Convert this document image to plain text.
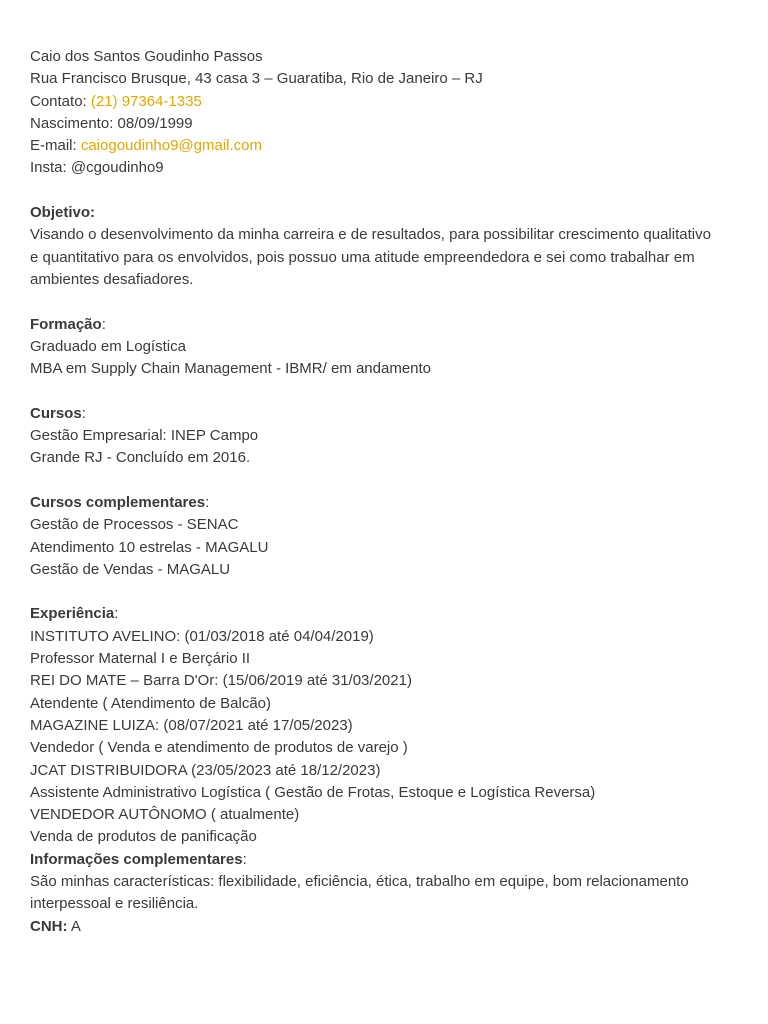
Caio dos Santos Goudinho Passos
Rua Francisco Brusque, 43 casa 3 – Guaratiba, Rio de Janeiro – RJ
Contato: (21) 97364-1335
Nascimento: 08/09/1999
E-mail: caiogoudinho9@gmail.com
Insta: @cgoudinho9
Objetivo:
Visando o desenvolvimento da minha carreira e de resultados, para possibilitar crescimento qualitativo e quantitativo para os envolvidos, pois possuo uma atitude empreendedora e sei como trabalhar em ambientes desafiadores.
Formação:
Graduado em Logística
MBA em Supply Chain Management - IBMR/ em andamento
Cursos:
Gestão Empresarial: INEP Campo
Grande RJ - Concluído em 2016.
Cursos complementares:
Gestão de Processos - SENAC
Atendimento 10 estrelas - MAGALU
Gestão de Vendas - MAGALU
Experiência:
INSTITUTO AVELINO: (01/03/2018 até 04/04/2019)
Professor Maternal I e Berçário II
REI DO MATE – Barra D'Or: (15/06/2019 até 31/03/2021)
Atendente ( Atendimento de Balcão)
MAGAZINE LUIZA: (08/07/2021 até 17/05/2023)
Vendedor ( Venda e atendimento de produtos de varejo )
JCAT DISTRIBUIDORA (23/05/2023 até 18/12/2023)
Assistente Administrativo Logística ( Gestão de Frotas, Estoque e Logística Reversa)
VENDEDOR AUTÔNOMO ( atualmente)
Venda de produtos de panificação
Informações complementares:
São minhas características: flexibilidade, eficiência, ética, trabalho em equipe, bom relacionamento interpessoal e resiliência.
CNH: A
